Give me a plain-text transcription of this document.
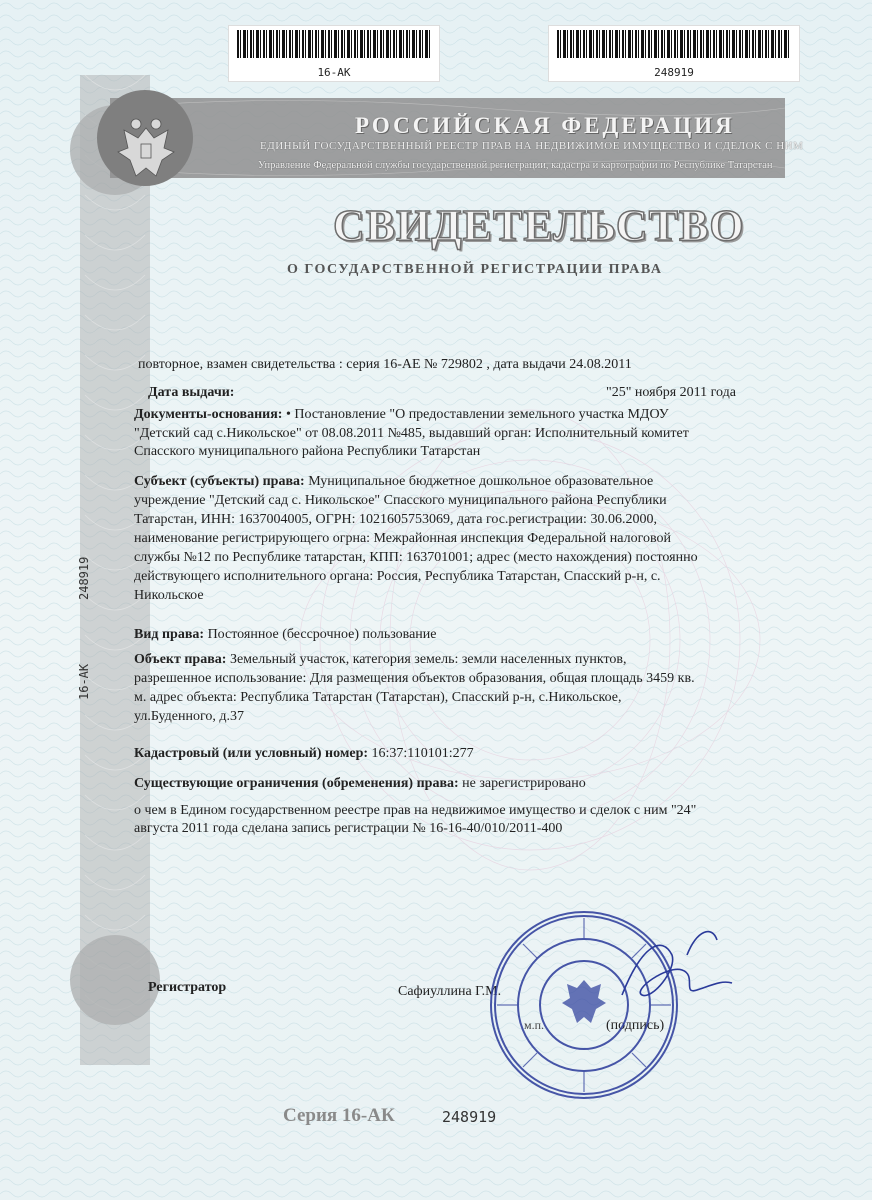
16-АК	248919
РОССИЙСКАЯ ФЕДЕРАЦИЯ
ЕДИНЫЙ ГОСУДАРСТВЕННЫЙ РЕЕСТР ПРАВ НА НЕДВИЖИМОЕ ИМУЩЕСТВО И СДЕЛОК С НИМ
Управление Федеральной службы государственной регистрации, кадастра и картографии по Республике Татарстан
СВИДЕТЕЛЬСТВО
О ГОСУДАРСТВЕННОЙ РЕГИСТРАЦИИ ПРАВА
16-АК
248919
повторное, взамен свидетельства : серия 16-АЕ № 729802 , дата выдачи 24.08.2011
Дата выдачи:	"25" ноября 2011 года
Документы-основания: • Постановление "О предоставлении земельного участка МДОУ
"Детский сад с.Никольское" от 08.08.2011 №485, выдавший орган: Исполнительный комитет
Спасского муниципального района Республики Татарстан
Субъект (субъекты) права: Муниципальное бюджетное дошкольное образовательное
учреждение "Детский сад с. Никольское" Спасского муниципального района Республики
Татарстан, ИНН: 1637004005, ОГРН: 1021605753069, дата гос.регистрации: 30.06.2000,
наименование регистрирующего огрна: Межрайонная инспекция Федеральной налоговой
службы №12 по Республике татарстан, КПП: 163701001; адрес (место нахождения) постоянно
действующего исполнительного органа: Россия, Республика Татарстан, Спасский р-н, с.
Никольское
Вид права: Постоянное (бессрочное) пользование
Объект права: Земельный участок, категория земель: земли населенных пунктов,
разрешенное использование: Для размещения объектов образования, общая площадь 3459 кв.
м. адрес объекта: Республика Татарстан (Татарстан), Спасский р-н, с.Никольское,
ул.Буденного, д.37
Кадастровый (или условный) номер: 16:37:110101:277
Существующие ограничения (обременения) права: не зарегистрировано
о чем в Едином государственном реестре прав на недвижимое имущество и сделок с ним "24"
августа 2011 года сделана запись регистрации № 16-16-40/010/2011-400
Регистратор	Сафиуллина Г.М.
м.п.	(подпись)
Серия 16-АК	248919
